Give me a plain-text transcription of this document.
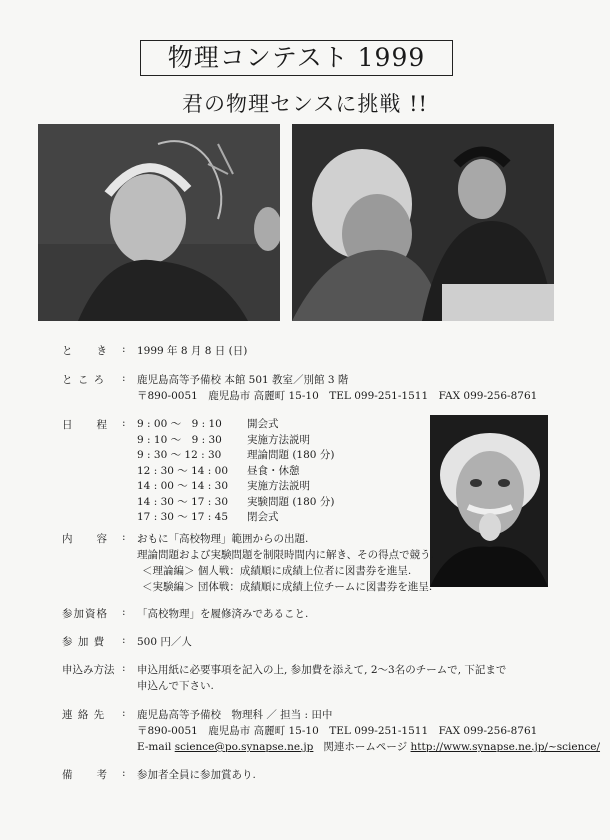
物理コンテスト 1999
君の物理センスに挑戦 !!
と　　き	: 1999 年 8 月 8 日 (日)
と こ ろ	: 鹿児島高等予備校 本館 501 教室／別館 3 階
〒890-0051　鹿児島市 高麗町 15-10　TEL 099-251-1511　FAX 099-256-8761
日　　程	: 9 : 00 ～　9 : 10 開会式
9 : 10 ～　9 : 30 実施方法説明
9 : 30 ～ 12 : 30 理論問題 (180 分)
12 : 30 ～ 14 : 00 昼食・休憩
14 : 00 ～ 14 : 30 実施方法説明
14 : 30 ～ 17 : 30 実験問題 (180 分)
17 : 30 ～ 17 : 45 閉会式
内　　容	: おもに「高校物理」範囲からの出題.
理論問題および実験問題を制限時間内に解き、その得点で競う.
＜理論編＞ 個人戦：成績順に成績上位者に図書券を進呈.
＜実験編＞ 団体戦：成績順に成績上位チームに図書券を進呈.
参加資格	: 「高校物理」を履修済みであること.
参 加 費	: 500 円／人
申込み方法 : 申込用紙に必要事項を記入の上, 参加費を添えて, 2～3名のチームで, 下記まで
申込んで下さい.
連 絡 先	: 鹿児島高等予備校　物理科 ／ 担当 : 田中
〒890-0051　鹿児島市 高麗町 15-10　TEL 099-251-1511　FAX 099-256-8761
E-mail science@po.synapse.ne.jp 関連ホームページ http://www.synapse.ne.jp/~science/
備　　考	: 参加者全員に参加賞あり.
